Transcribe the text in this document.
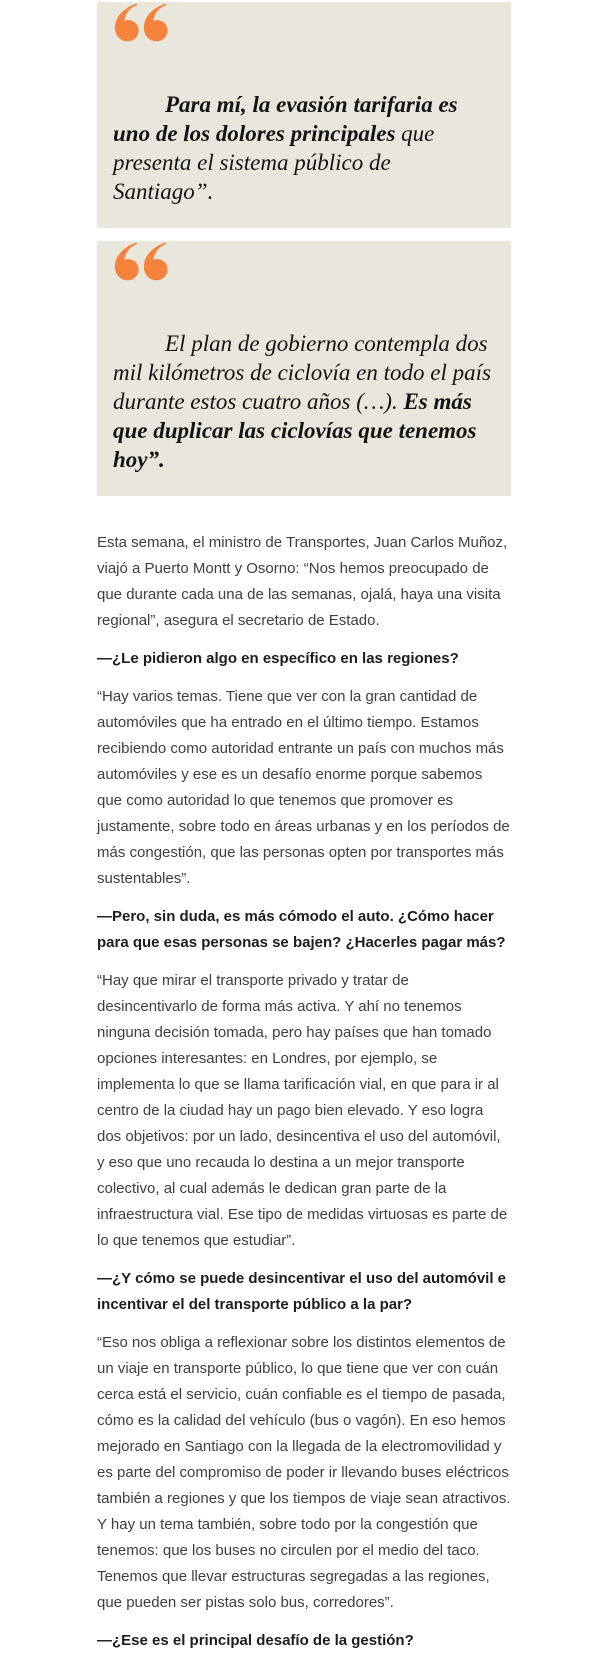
Para mí, la evasión tarifaria es uno de los dolores principales que presenta el sistema público de Santiago”.

El plan de gobierno contempla dos mil kilómetros de ciclovía en todo el país durante estos cuatro años (…). Es más que duplicar las ciclovías que tenemos hoy”.

Esta semana, el ministro de Transportes, Juan Carlos Muñoz, viajó a Puerto Montt y Osorno: “Nos hemos preocupado de que durante cada una de las semanas, ojalá, haya una visita regional”, asegura el secretario de Estado.

—¿Le pidieron algo en específico en las regiones?

“Hay varios temas. Tiene que ver con la gran cantidad de automóviles que ha entrado en el último tiempo. Estamos recibiendo como autoridad entrante un país con muchos más automóviles y ese es un desafío enorme porque sabemos que como autoridad lo que tenemos que promover es justamente, sobre todo en áreas urbanas y en los períodos de más congestión, que las personas opten por transportes más sustentables”.

—Pero, sin duda, es más cómodo el auto. ¿Cómo hacer para que esas personas se bajen? ¿Hacerles pagar más?

“Hay que mirar el transporte privado y tratar de desincentivarlo de forma más activa. Y ahí no tenemos ninguna decisión tomada, pero hay países que han tomado opciones interesantes: en Londres, por ejemplo, se implementa lo que se llama tarificación vial, en que para ir al centro de la ciudad hay un pago bien elevado. Y eso logra dos objetivos: por un lado, desincentiva el uso del automóvil, y eso que uno recauda lo destina a un mejor transporte colectivo, al cual además le dedican gran parte de la infraestructura vial. Ese tipo de medidas virtuosas es parte de lo que tenemos que estudiar”.

—¿Y cómo se puede desincentivar el uso del automóvil e incentivar el del transporte público a la par?

“Eso nos obliga a reflexionar sobre los distintos elementos de un viaje en transporte público, lo que tiene que ver con cuán cerca está el servicio, cuán confiable es el tiempo de pasada, cómo es la calidad del vehículo (bus o vagón). En eso hemos mejorado en Santiago con la llegada de la electromovilidad y es parte del compromiso de poder ir llevando buses eléctricos también a regiones y que los tiempos de viaje sean atractivos. Y hay un tema también, sobre todo por la congestión que tenemos: que los buses no circulen por el medio del taco. Tenemos que llevar estructuras segregadas a las regiones, que pueden ser pistas solo bus, corredores”.

—¿Ese es el principal desafío de la gestión?
